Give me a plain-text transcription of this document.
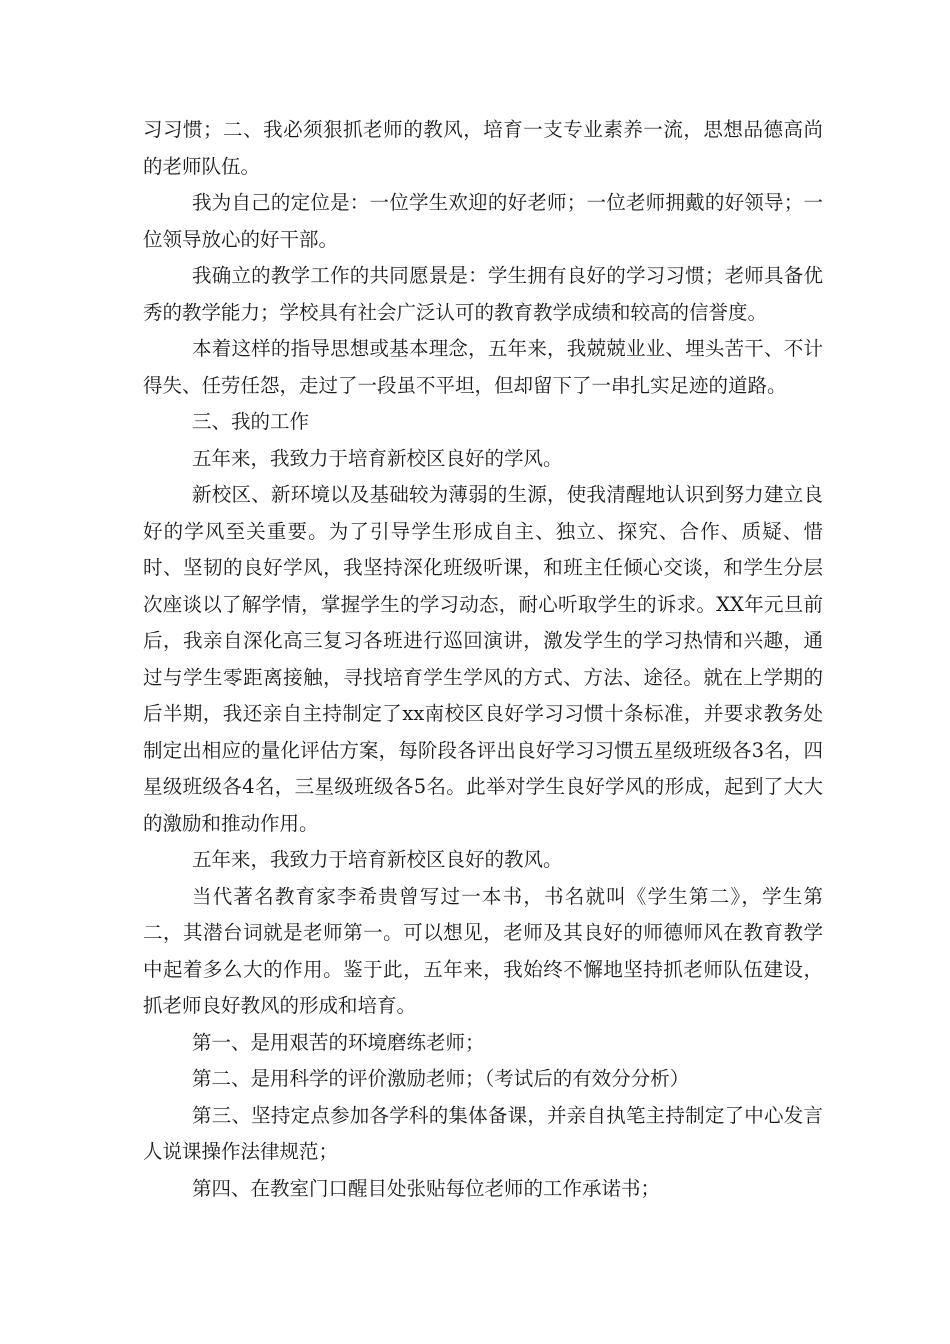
习习惯；二、我必须狠抓老师的教风，培育一支专业素养一流，思想品德高尚的老师队伍。

我为自己的定位是：一位学生欢迎的好老师；一位老师拥戴的好领导；一位领导放心的好干部。

我确立的教学工作的共同愿景是：学生拥有良好的学习习惯；老师具备优秀的教学能力；学校具有社会广泛认可的教育教学成绩和较高的信誉度。

本着这样的指导思想或基本理念，五年来，我兢兢业业、埋头苦干、不计得失、任劳任怨，走过了一段虽不平坦，但却留下了一串扎实足迹的道路。

三、我的工作

五年来，我致力于培育新校区良好的学风。

新校区、新环境以及基础较为薄弱的生源，使我清醒地认识到努力建立良好的学风至关重要。为了引导学生形成自主、独立、探究、合作、质疑、惜时、坚韧的良好学风，我坚持深化班级听课，和班主任倾心交谈，和学生分层次座谈以了解学情，掌握学生的学习动态，耐心听取学生的诉求。XX年元旦前后，我亲自深化高三复习各班进行巡回演讲，激发学生的学习热情和兴趣，通过与学生零距离接触，寻找培育学生学风的方式、方法、途径。就在上学期的后半期，我还亲自主持制定了xx南校区良好学习习惯十条标准，并要求教务处制定出相应的量化评估方案，每阶段各评出良好学习习惯五星级班级各3名，四星级班级各4名，三星级班级各5名。此举对学生良好学风的形成，起到了大大的激励和推动作用。

五年来，我致力于培育新校区良好的教风。

当代著名教育家李希贵曾写过一本书，书名就叫《学生第二》，学生第二，其潜台词就是老师第一。可以想见，老师及其良好的师德师风在教育教学中起着多么大的作用。鉴于此，五年来，我始终不懈地坚持抓老师队伍建设，抓老师良好教风的形成和培育。

第一、是用艰苦的环境磨练老师；

第二、是用科学的评价激励老师；（考试后的有效分分析）

第三、坚持定点参加各学科的集体备课，并亲自执笔主持制定了中心发言人说课操作法律规范；

第四、在教室门口醒目处张贴每位老师的工作承诺书；
